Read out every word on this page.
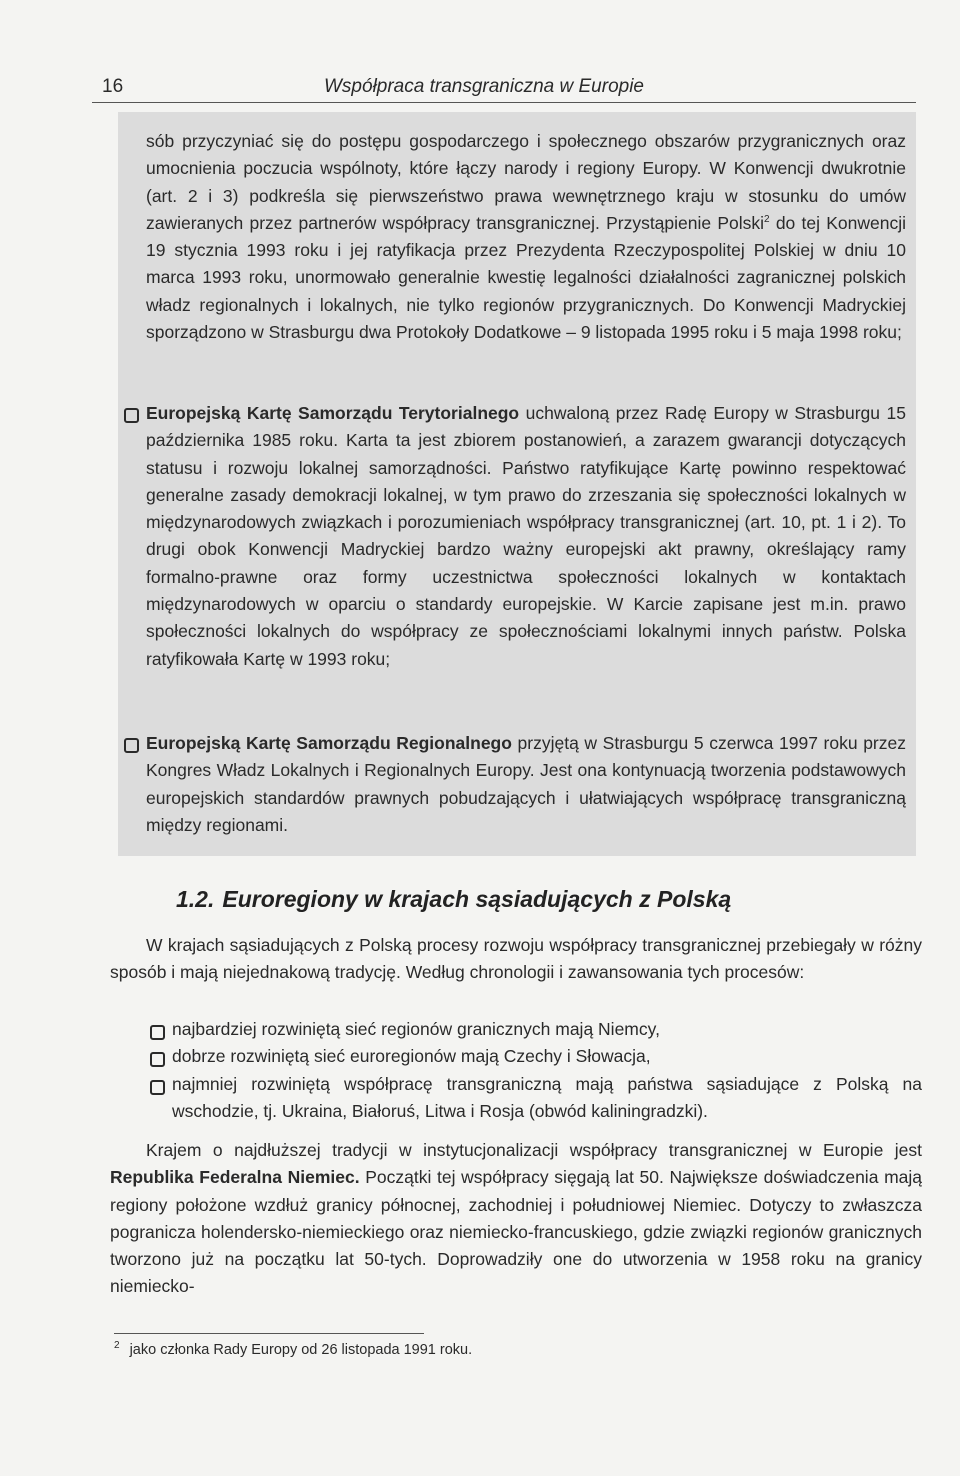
16	Współpraca transgraniczna w Europie

sób przyczyniać się do postępu gospodarczego i społecznego obszarów przygranicznych oraz umocnienia poczucia wspólnoty, które łączy narody i regiony Europy. W Konwencji dwukrotnie (art. 2 i 3) podkreśla się pierwszeństwo prawa wewnętrznego kraju w stosunku do umów zawieranych przez partnerów współpracy transgranicznej. Przystąpienie Polski$^2$ do tej Konwencji 19 stycznia 1993 roku i jej ratyfikacja przez Prezydenta Rzeczypospolitej Polskiej w dniu 10 marca 1993 roku, unormowało generalnie kwestię legalności działalności zagranicznej polskich władz regionalnych i lokalnych, nie tylko regionów przygranicznych. Do Konwencji Madryckiej sporządzono w Strasburgu dwa Protokoły Dodatkowe – 9 listopada 1995 roku i 5 maja 1998 roku;

Europejską Kartę Samorządu Terytorialnego uchwaloną przez Radę Europy w Strasburgu 15 października 1985 roku. Karta ta jest zbiorem postanowień, a zarazem gwarancji dotyczących statusu i rozwoju lokalnej samorządności. Państwo ratyfikujące Kartę powinno respektować generalne zasady demokracji lokalnej, w tym prawo do zrzeszania się społeczności lokalnych w międzynarodowych związkach i porozumieniach współpracy transgranicznej (art. 10, pt. 1 i 2). To drugi obok Konwencji Madryckiej bardzo ważny europejski akt prawny, określający ramy formalno-prawne oraz formy uczestnictwa społeczności lokalnych w kontaktach międzynarodowych w oparciu o standardy europejskie. W Karcie zapisane jest m.in. prawo społeczności lokalnych do współpracy ze społecznościami lokalnymi innych państw. Polska ratyfikowała Kartę w 1993 roku;

Europejską Kartę Samorządu Regionalnego przyjętą w Strasburgu 5 czerwca 1997 roku przez Kongres Władz Lokalnych i Regionalnych Europy. Jest ona kontynuacją tworzenia podstawowych europejskich standardów prawnych pobudzających i ułatwiających współpracę transgraniczną między regionami.

1.2. Euroregiony w krajach sąsiadujących z Polską

W krajach sąsiadujących z Polską procesy rozwoju współpracy transgranicznej przebiegały w różny sposób i mają niejednakową tradycję. Według chronologii i zawansowania tych procesów:

najbardziej rozwiniętą sieć regionów granicznych mają Niemcy,

dobrze rozwiniętą sieć euroregionów mają Czechy i Słowacja,

najmniej rozwiniętą współpracę transgraniczną mają państwa sąsiadujące z Polską na wschodzie, tj. Ukraina, Białoruś, Litwa i Rosja (obwód kaliningradzki).

Krajem o najdłuższej tradycji w instytucjonalizacji współpracy transgranicznej w Europie jest Republika Federalna Niemiec. Początki tej współpracy sięgają lat 50. Największe doświadczenia mają regiony położone wzdłuż granicy północnej, zachodniej i południowej Niemiec. Dotyczy to zwłaszcza pogranicza holendersko-niemieckiego oraz niemiecko-francuskiego, gdzie związki regionów granicznych tworzono już na początku lat 50-tych. Doprowadziły one do utworzenia w 1958 roku na granicy niemiecko-

$^2$ jako członka Rady Europy od 26 listopada 1991 roku.
